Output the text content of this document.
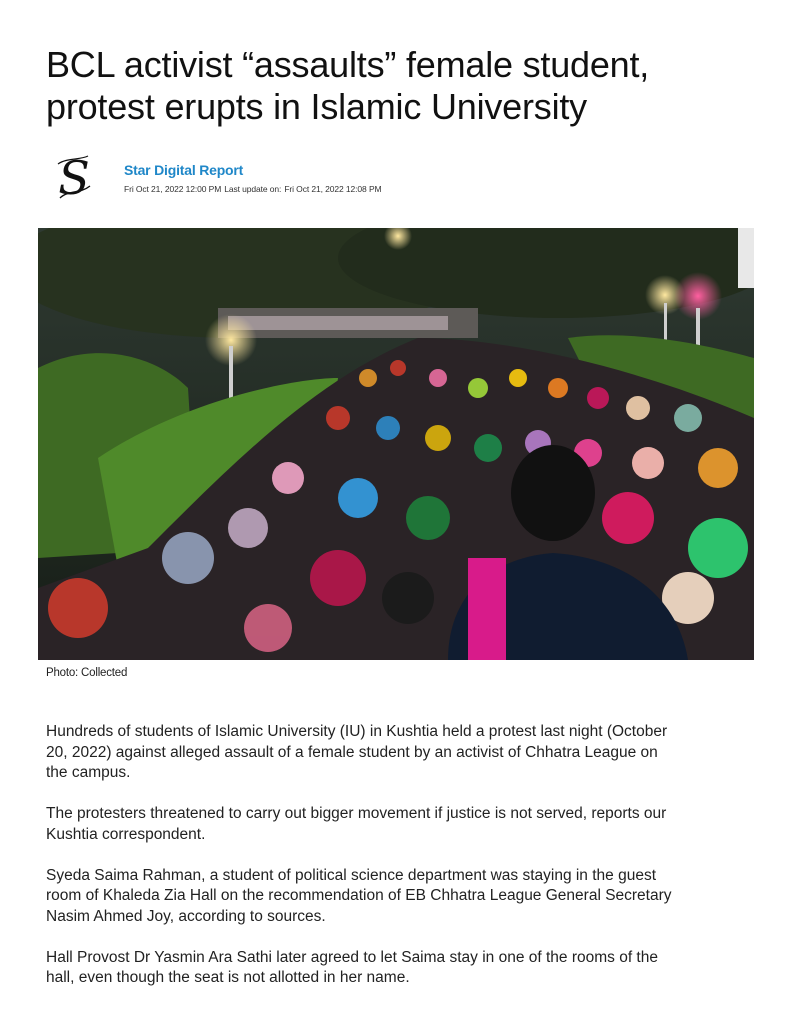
BCL activist “assaults” female student,
protest erupts in Islamic University
S Star Digital Report
Fri Oct 21, 2022 12:00 PM Last update on: Fri Oct 21, 2022 12:08 PM
Photo: Collected

Hundreds of students of Islamic University (IU) in Kushtia held a protest last night (October
20, 2022) against alleged assault of a female student by an activist of Chhatra League on
the campus.

The protesters threatened to carry out bigger movement if justice is not served, reports our
Kushtia correspondent.

Syeda Saima Rahman, a student of political science department was staying in the guest
room of Khaleda Zia Hall on the recommendation of EB Chhatra League General Secretary
Nasim Ahmed Joy, according to sources.

Hall Provost Dr Yasmin Ara Sathi later agreed to let Saima stay in one of the rooms of the
hall, even though the seat is not allotted in her name.
